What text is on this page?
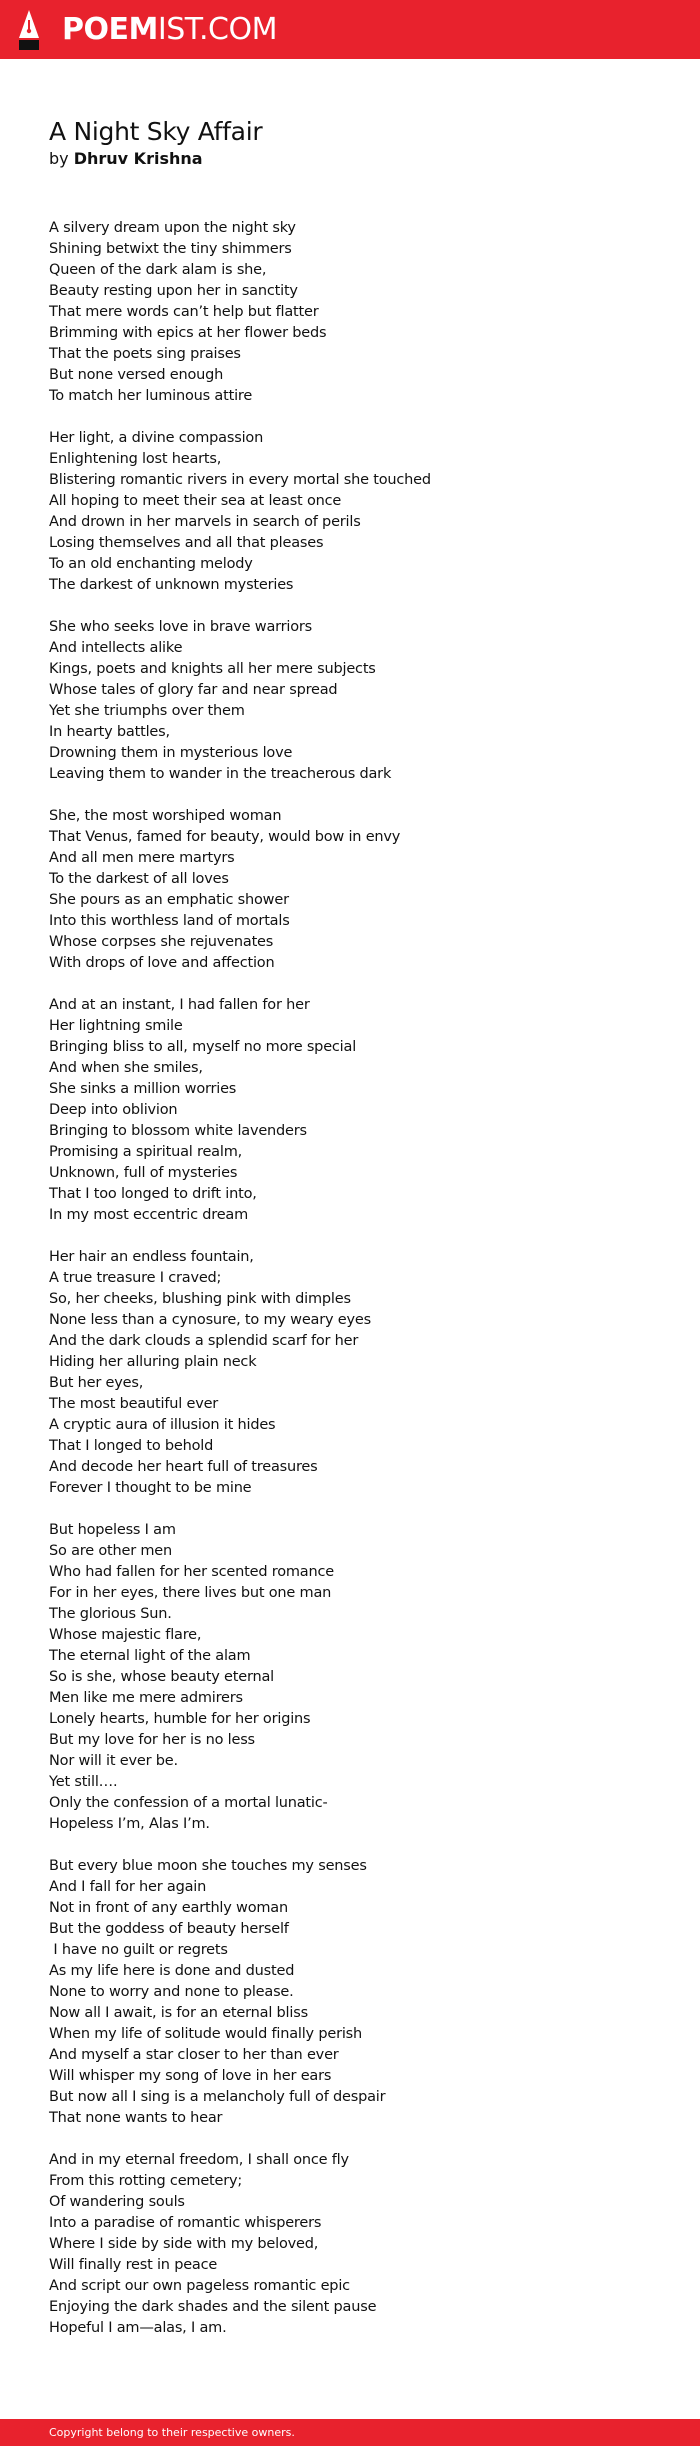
POEMIST.COM
A Night Sky Affair
by Dhruv Krishna
A silvery dream upon the night sky
Shining betwixt the tiny shimmers
Queen of the dark alam is she,
Beauty resting upon her in sanctity
That mere words can’t help but flatter
Brimming with epics at her flower beds
That the poets sing praises
But none versed enough
To match her luminous attire
Her light, a divine compassion
Enlightening lost hearts,
Blistering romantic rivers in every mortal she touched
All hoping to meet their sea at least once
And drown in her marvels in search of perils
Losing themselves and all that pleases
To an old enchanting melody
The darkest of unknown mysteries
She who seeks love in brave warriors
And intellects alike
Kings, poets and knights all her mere subjects
Whose tales of glory far and near spread
Yet she triumphs over them
In hearty battles,
Drowning them in mysterious love
Leaving them to wander in the treacherous dark
She, the most worshiped woman
That Venus, famed for beauty, would bow in envy
And all men mere martyrs
To the darkest of all loves
She pours as an emphatic shower
Into this worthless land of mortals
Whose corpses she rejuvenates
With drops of love and affection
And at an instant, I had fallen for her
Her lightning smile
Bringing bliss to all, myself no more special
And when she smiles,
She sinks a million worries
Deep into oblivion
Bringing to blossom white lavenders
Promising a spiritual realm,
Unknown, full of mysteries
That I too longed to drift into,
In my most eccentric dream
Her hair an endless fountain,
A true treasure I craved;
So, her cheeks, blushing pink with dimples
None less than a cynosure, to my weary eyes
And the dark clouds a splendid scarf for her
Hiding her alluring plain neck
But her eyes,
The most beautiful ever
A cryptic aura of illusion it hides
That I longed to behold
And decode her heart full of treasures
Forever I thought to be mine
But hopeless I am
So are other men
Who had fallen for her scented romance
For in her eyes, there lives but one man
The glorious Sun.
Whose majestic flare,
The eternal light of the alam
So is she, whose beauty eternal
Men like me mere admirers
Lonely hearts, humble for her origins
But my love for her is no less
Nor will it ever be.
Yet still….
Only the confession of a mortal lunatic-
Hopeless I’m, Alas I’m.
But every blue moon she touches my senses
And I fall for her again
Not in front of any earthly woman
But the goddess of beauty herself
I have no guilt or regrets
As my life here is done and dusted
None to worry and none to please.
Now all I await, is for an eternal bliss
When my life of solitude would finally perish
And myself a star closer to her than ever
Will whisper my song of love in her ears
But now all I sing is a melancholy full of despair
That none wants to hear
And in my eternal freedom, I shall once fly
From this rotting cemetery;
Of wandering souls
Into a paradise of romantic whisperers
Where I side by side with my beloved,
Will finally rest in peace
And script our own pageless romantic epic
Enjoying the dark shades and the silent pause
Hopeful I am—alas, I am.
Copyright belong to their respective owners.
